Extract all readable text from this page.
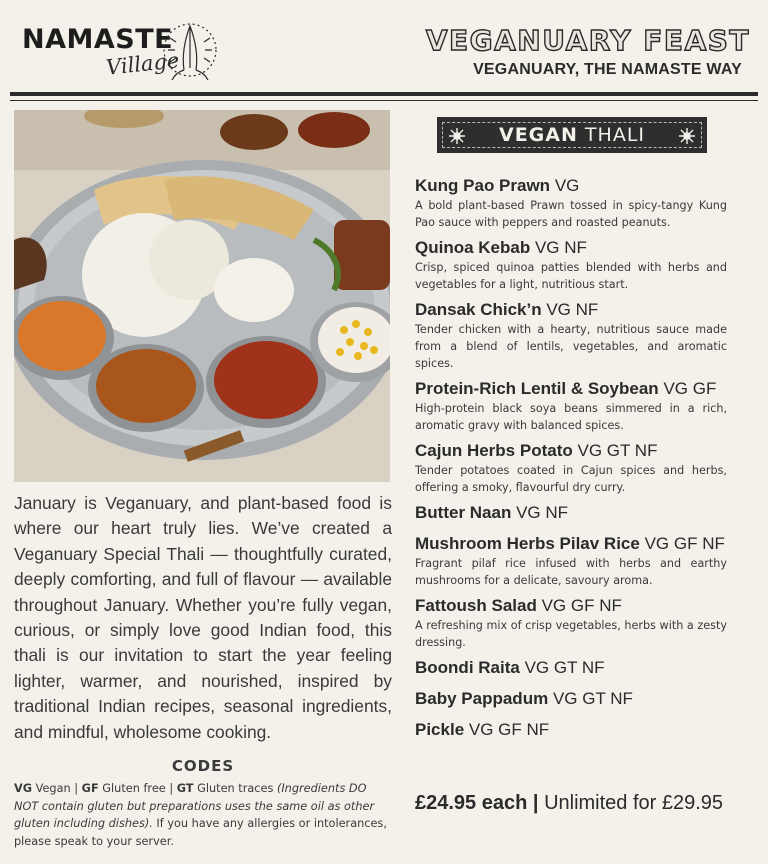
NAMASTE
Village
VEGANUARY FEAST
VEGANUARY, THE NAMASTE WAY
January is Veganuary, and plant-based food is where our heart truly lies. We’ve created a Veganuary Special Thali — thoughtfully curated, deeply comforting, and full of flavour — available throughout January. Whether you’re fully vegan, curious, or simply love good Indian food, this thali is our invitation to start the year feeling lighter, warmer, and nourished, inspired by traditional Indian recipes, seasonal ingredients, and mindful, wholesome cooking.
CODES
VG Vegan | GF Gluten free | GT Gluten traces (Ingredients DO NOT contain gluten but preparations uses the same oil as other gluten including dishes). If you have any allergies or intolerances, please speak to your server.
VEGAN THALI
Kung Pao Prawn VG
A bold plant-based Prawn tossed in spicy-tangy Kung Pao sauce with peppers and roasted peanuts.
Quinoa Kebab VG NF
Crisp, spiced quinoa patties blended with herbs and vegetables for a light, nutritious start.
Dansak Chick’n VG NF
Tender chicken with a hearty, nutritious sauce made from a blend of lentils, vegetables, and aromatic spices.
Protein-Rich Lentil & Soybean VG GF
High-protein black soya beans simmered in a rich, aromatic gravy with balanced spices.
Cajun Herbs Potato VG GT NF
Tender potatoes coated in Cajun spices and herbs, offering a smoky, flavourful dry curry.
Butter Naan VG NF
Mushroom Herbs Pilav Rice VG GF NF
Fragrant pilaf rice infused with herbs and earthy mushrooms for a delicate, savoury aroma.
Fattoush Salad VG GF NF
A refreshing mix of crisp vegetables, herbs with a zesty dressing.
Boondi Raita VG GT NF
Baby Pappadum VG GT NF
Pickle VG GF NF
£24.95 each | Unlimited for £29.95
